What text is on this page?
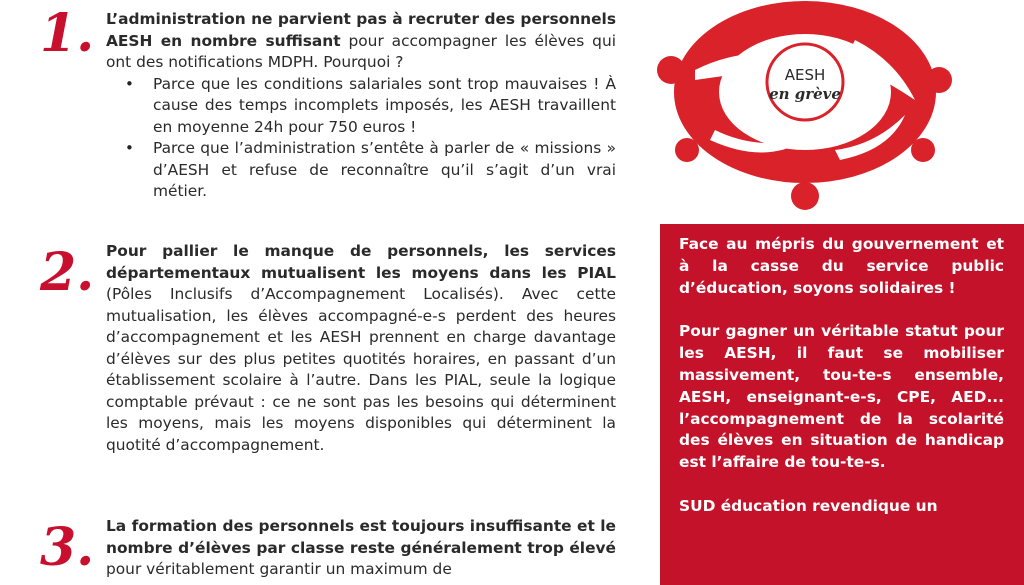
1.
2.
3.

L’administration ne parvient pas à recruter des personnels AESH en nombre suffisant pour accompagner les élèves qui ont des notifications MDPH. Pourquoi ?

• Parce que les conditions salariales sont trop mauvaises ! À cause des temps incomplets imposés, les AESH travaillent en moyenne 24h pour 750 euros !
• Parce que l’administration s’entête à parler de « missions » d’AESH et refuse de reconnaître qu’il s’agit d’un vrai métier.

Pour pallier le manque de personnels, les services départementaux mutualisent les moyens dans les PIAL (Pôles Inclusifs d’Accompagnement Localisés). Avec cette mutualisation, les élèves accompagné-e-s perdent des heures d’accompagnement et les AESH prennent en charge davantage d’élèves sur des plus petites quotités horaires, en passant d’un établissement scolaire à l’autre. Dans les PIAL, seule la logique comptable prévaut : ce ne sont pas les besoins qui déterminent les moyens, mais les moyens disponibles qui déterminent la quotité d’accompagnement.

La formation des personnels est toujours insuffisante et le nombre d’élèves par classe reste généralement trop élevé pour véritablement garantir un maximum de

AESH
en grève

Face au mépris du gouvernement et à la casse du service public d’éducation, soyons solidaires !

Pour gagner un véritable statut pour les AESH, il faut se mobiliser massivement, tou-te-s ensemble, AESH, enseignant-e-s, CPE, AED... l’accompagnement de la scolarité des élèves en situation de handicap est l’affaire de tou-te-s.

SUD éducation revendique un
